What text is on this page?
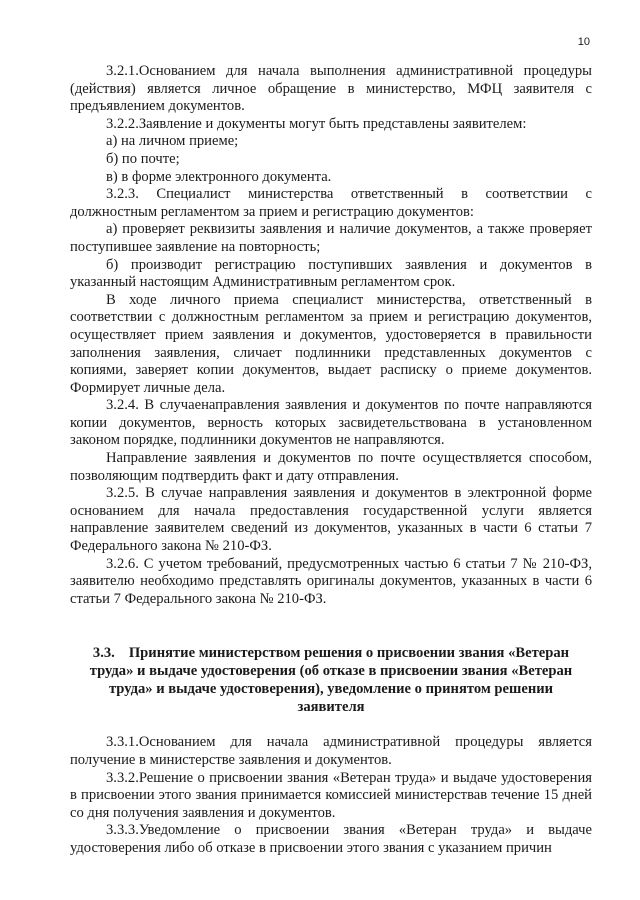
10

3.2.1.Основанием для начала выполнения административной процедуры (действия) является личное обращение в министерство, МФЦ заявителя с предъявлением документов.

3.2.2.Заявление и документы могут быть представлены заявителем:

а) на личном приеме;

б) по почте;

в) в форме электронного документа.

3.2.3. Специалист министерства ответственный в соответствии с должностным регламентом за прием и регистрацию документов:

а) проверяет реквизиты заявления и наличие документов, а также проверяет поступившее заявление на повторность;

б) производит регистрацию поступивших заявления и документов в указанный настоящим Административным регламентом срок.

В ходе личного приема специалист министерства, ответственный в соответствии с должностным регламентом за прием и регистрацию документов, осуществляет прием заявления и документов, удостоверяется в правильности заполнения заявления, сличает подлинники представленных документов с копиями, заверяет копии документов, выдает расписку о приеме документов. Формирует личные дела.

3.2.4. В случаенаправления заявления и документов по почте направляются копии документов, верность которых засвидетельствована в установленном законом порядке, подлинники документов не направляются.

Направление заявления и документов по почте осуществляется способом, позволяющим подтвердить факт и дату отправления.

3.2.5. В случае направления заявления и документов в электронной форме основанием для начала предоставления государственной услуги является направление заявителем сведений из документов, указанных в части 6 статьи 7 Федерального закона № 210-ФЗ.

3.2.6. С учетом требований, предусмотренных частью 6 статьи 7 № 210-ФЗ, заявителю необходимо представлять оригиналы документов, указанных в части 6 статьи 7 Федерального закона № 210-ФЗ.

3.3. Принятие министерством решения о присвоении звания «Ветеран труда» и выдаче удостоверения (об отказе в присвоении звания «Ветеран труда» и выдаче удостоверения), уведомление о принятом решении заявителя

3.3.1.Основанием для начала административной процедуры является получение в министерстве заявления и документов.

3.3.2.Решение о присвоении звания «Ветеран труда» и выдаче удостоверения в присвоении этого звания принимается комиссией министерствав течение 15 дней со дня получения заявления и документов.

3.3.3.Уведомление о присвоении звания «Ветеран труда» и выдаче удостоверения либо об отказе в присвоении этого звания с указанием причин
